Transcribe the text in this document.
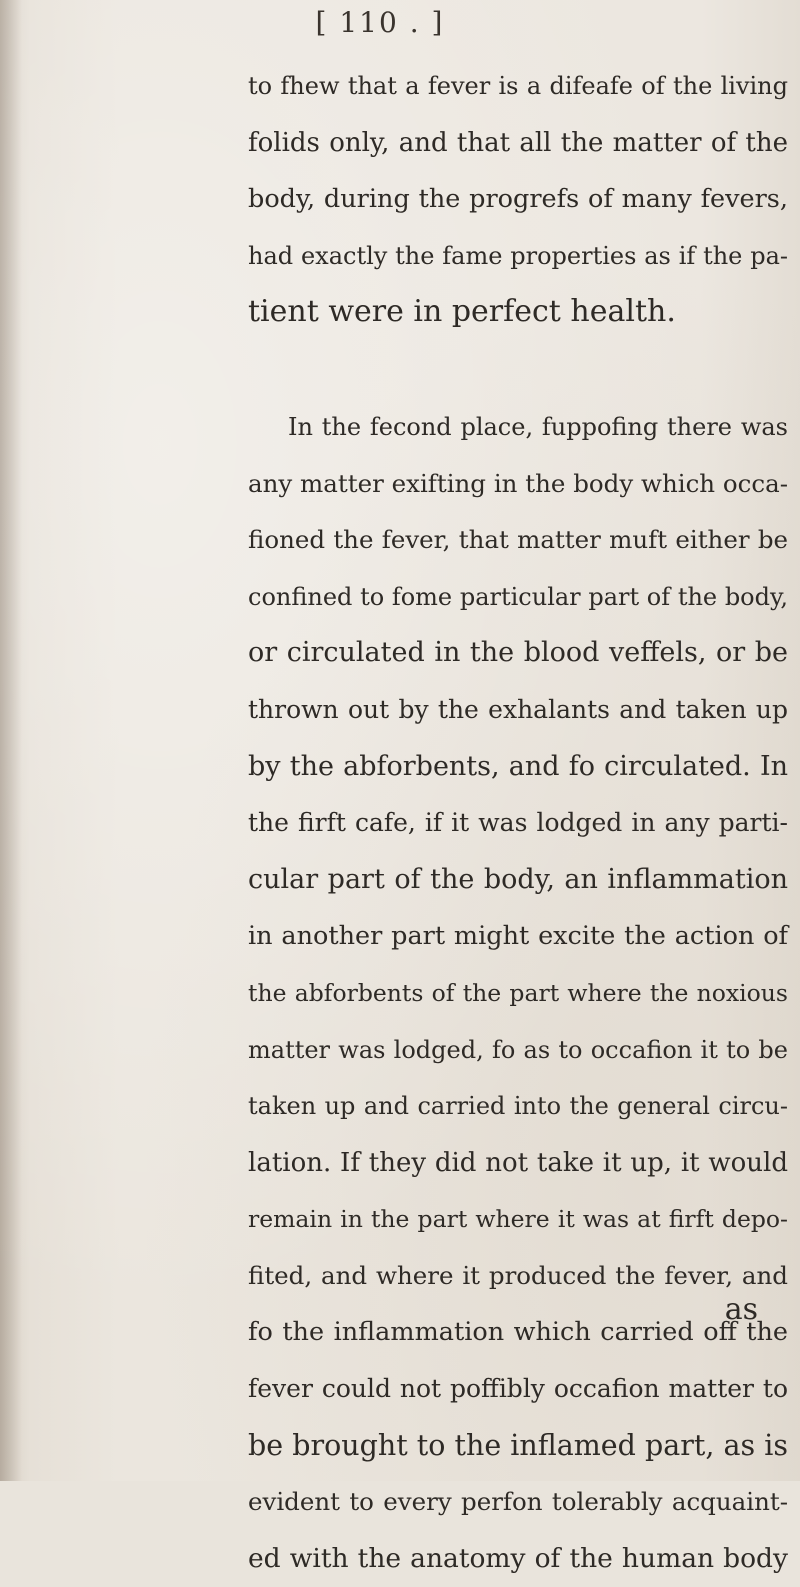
[ 110 . ]
to fhew that a fever is a difeafe of the living
folids only, and that all the matter of the
body, during the progrefs of many fevers,
had exactly the fame properties as if the pa-
tient were in perfect health.
In the fecond place, fuppofing there was
any matter exifting in the body which occa-
fioned the fever, that matter muft either be
confined to fome particular part of the body,
or circulated in the blood veffels, or be
thrown out by the exhalants and taken up
by the abforbents, and fo circulated. In
the firft cafe, if it was lodged in any parti-
cular part of the body, an inflammation
in another part might excite the action of
the abforbents of the part where the noxious
matter was lodged, fo as to occafion it to be
taken up and carried into the general circu-
lation. If they did not take it up, it would
remain in the part where it was at firft depo-
fited, and where it produced the fever, and
fo the inflammation which carried off the
fever could not poffibly occafion matter to
be brought to the inflamed part, as is
evident to every perfon tolerably acquaint-
ed with the anatomy of the human body
as
